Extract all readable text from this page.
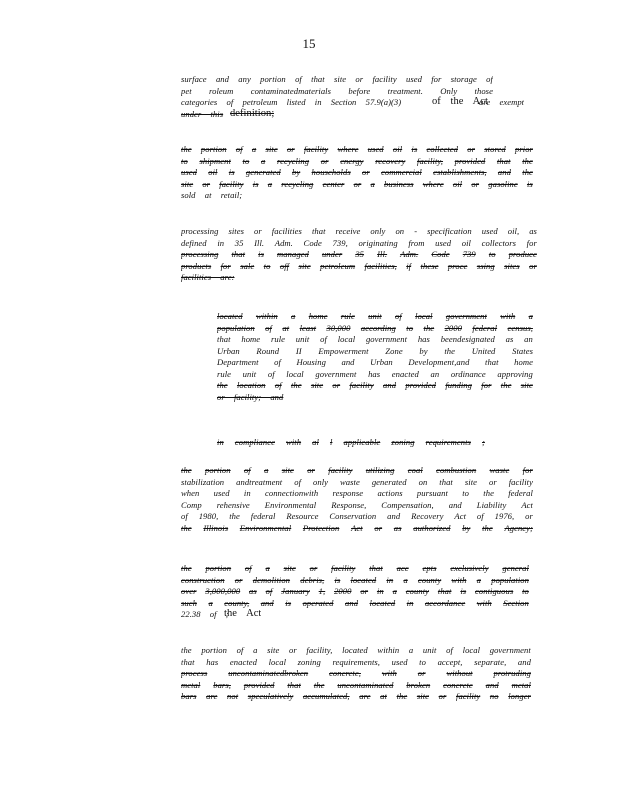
15
surface and any portion of that site or facility used for storage of
pet roleum contaminatedmaterials before treatment. Only those
categories of petroleum listed in Section 57.9(a)(3)
under this
the portion of a site or facility where used oil is collected or stored prior
to shipment to a recycling or energy recovery facility, provided that the
used oil is generated by households or commercial establishments, and the
site or facility is a recycling center or a business where oil or gasoline is
sold at retail;
processing sites or facilities that receive only on - specification used oil, as
defined in 35 Ill. Adm. Code 739, originating from used oil collectors for
processing that is managed under 35 Ill. Adm. Code 739 to produce
products for sale to off site petroleum facilities, if these proce ssing sites or
facilities are:
located within a home rule unit of local government with a
population of at least 30,000 according to the 2000 federal census,
that home rule unit of local government has beendesignated as an
Urban Round II Empowerment Zone by the United States
Department of Housing and Urban Development,and that home
rule unit of local government has enacted an ordinance approving
the location of the site or facility and provided funding for the site
or facility; and
in compliance with al l applicable zoning requirements ;
the portion of a site or facility utilizing coal combustion waste for
stabilization andtreatment of only waste generated on that site or facility
when used in connectionwith response actions pursuant to the federal
Comp rehensive Environmental Response, Compensation, and Liability Act
of 1980, the federal Resource Conservation and Recovery Act of 1976, or
the Illinois Environmental Protection Act or as authorized by the Agency;
the portion of a site or facility that acc epts exclusively general
construction or demolition debris, is located in a county with a population
over 3,000,000 as of January 1, 2000 or in a county that is contiguous to
such a county, and is operated and located in accordance with Section
22.38 of ;
the portion of a site or facility, located within a unit of local government
that has enacted local zoning requirements, used to accept, separate, and
process uncontaminatedbroken concrete, with or without protruding
metal bars, provided that the uncontaminated broken concrete and metal
bars are not speculatively accumulated, are at the site or facility no longer
of the Act
are exempt
definition;
the Act
